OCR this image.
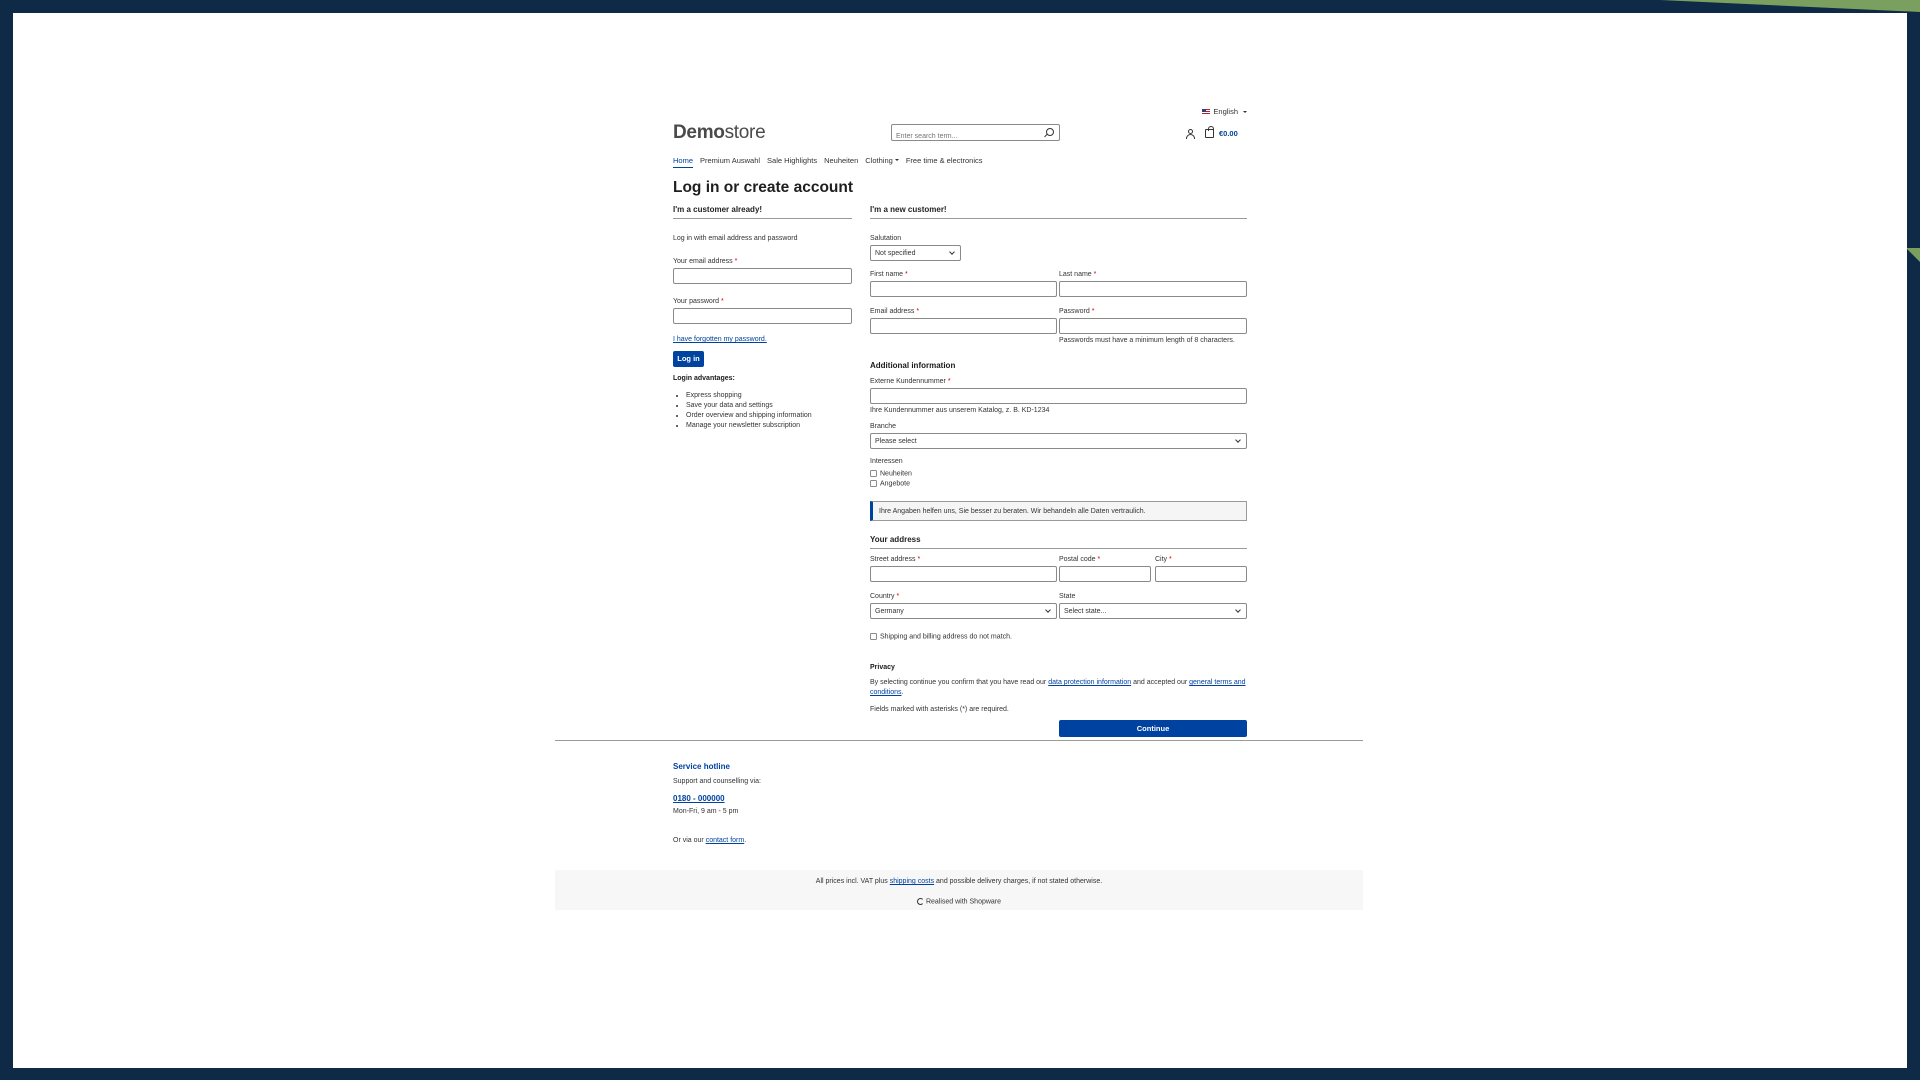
English
Demostore
Enter search term...	€0.00
Home Premium Auswahl Sale Highlights Neuheiten Clothing	Free time & electronics
Log in or create account
I'm a customer already!
Log in with email address and password
Your email address *
Your password *
I have forgotten my password.
Log in
Login advantages:
• Express shopping
• Save your data and settings
• Order overview and shipping information
• Manage your newsletter subscription
I'm a new customer!
Salutation
Not specified
First name *	Last name *
Email address *	Password *
Passwords must have a minimum length of 8 characters.
Additional information
Externe Kundennummer *
Ihre Kundennummer aus unserem Katalog, z. B. KD-1234
Branche
Please select
Interessen
Neuheiten
Angebote
Ihre Angaben helfen uns, Sie besser zu beraten. Wir behandeln alle Daten vertraulich.
Your address
Street address *	Postal code *	City *
Country *
Germany
State
Select state...
Shipping and billing address do not match.
Privacy
By selecting continue you confirm that you have read our data protection information and accepted our general terms and conditions.
Fields marked with asterisks (*) are required.
Continue
Service hotline
Support and counselling via:
0180 - 000000
Mon-Fri, 9 am - 5 pm
Or via our contact form.
All prices incl. VAT plus shipping costs and possible delivery charges, if not stated otherwise.
Realised with Shopware
